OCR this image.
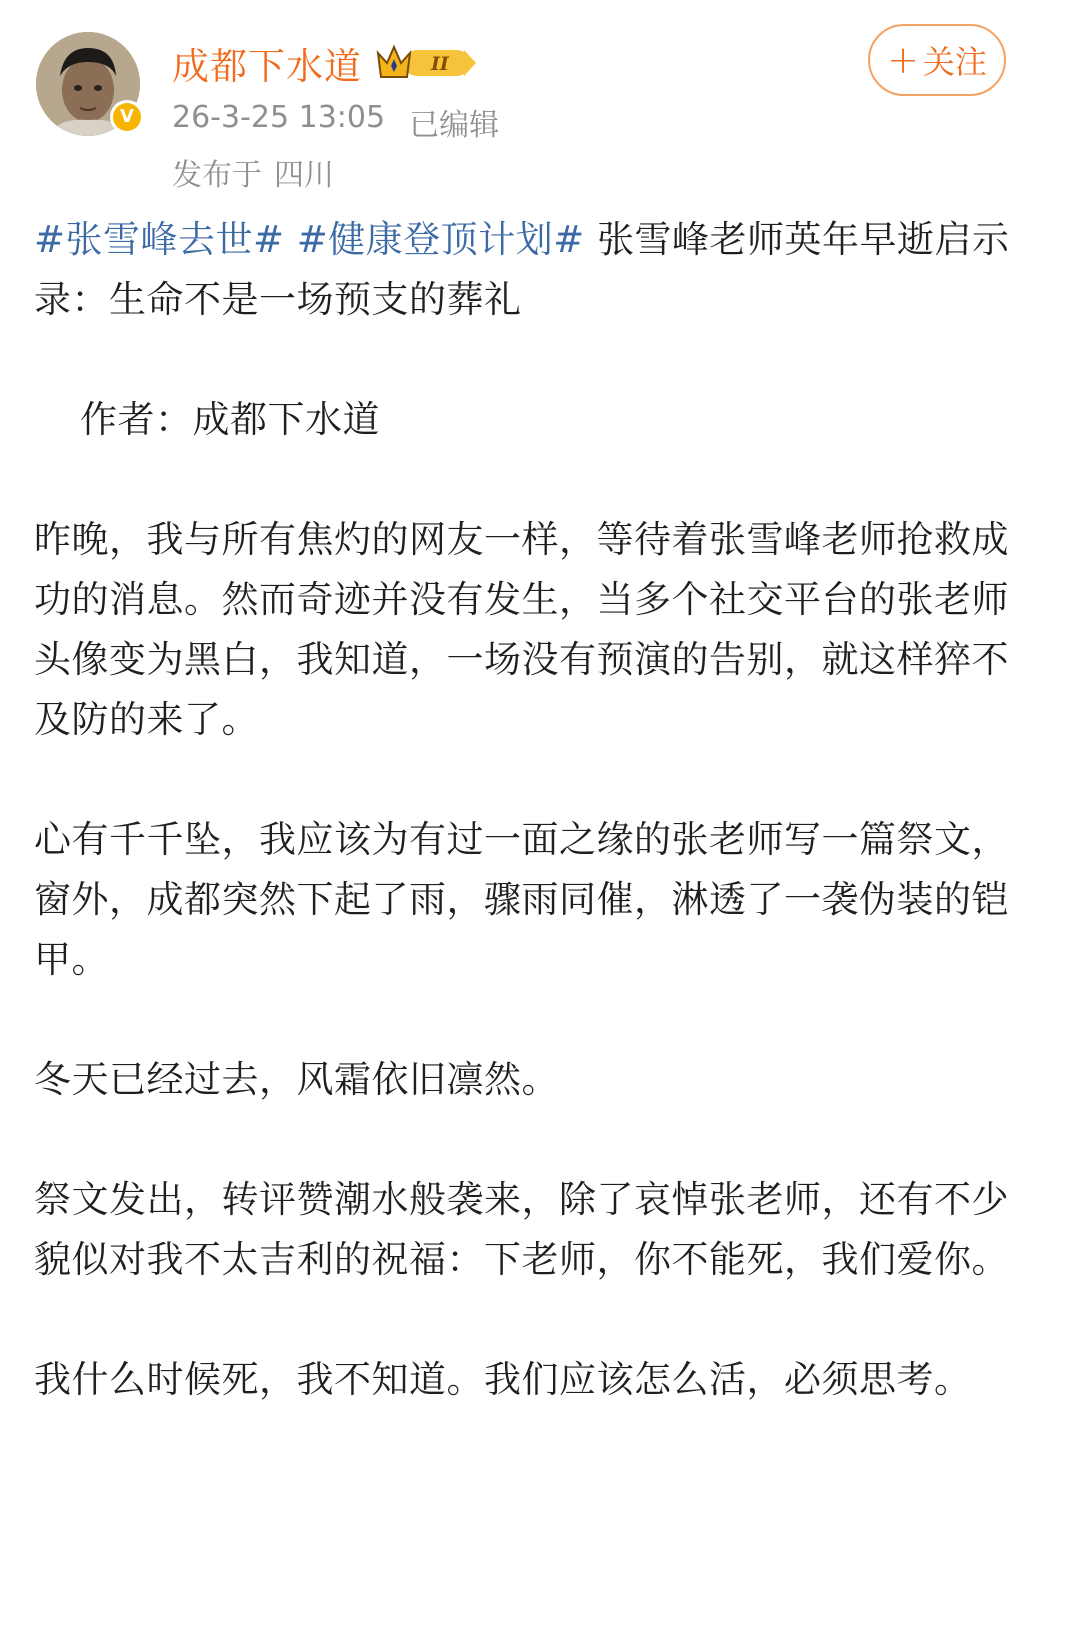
V
成都下水道	II
26-3-25 13:05 已编辑
发布于 四川
+ 关注

#张雪峰去世# #健康登顶计划# 张雪峰老师英年早逝启示录：生命不是一场预支的葬礼

作者：成都下水道

昨晚，我与所有焦灼的网友一样，等待着张雪峰老师抢救成功的消息。然而奇迹并没有发生，当多个社交平台的张老师头像变为黑白，我知道，一场没有预演的告别，就这样猝不及防的来了。

心有千千坠，我应该为有过一面之缘的张老师写一篇祭文，窗外，成都突然下起了雨，骤雨同催，淋透了一袭伪装的铠甲。

冬天已经过去，风霜依旧凛然。

祭文发出，转评赞潮水般袭来，除了哀悼张老师，还有不少貌似对我不太吉利的祝福：下老师，你不能死，我们爱你。

我什么时候死，我不知道。我们应该怎么活，必须思考。
